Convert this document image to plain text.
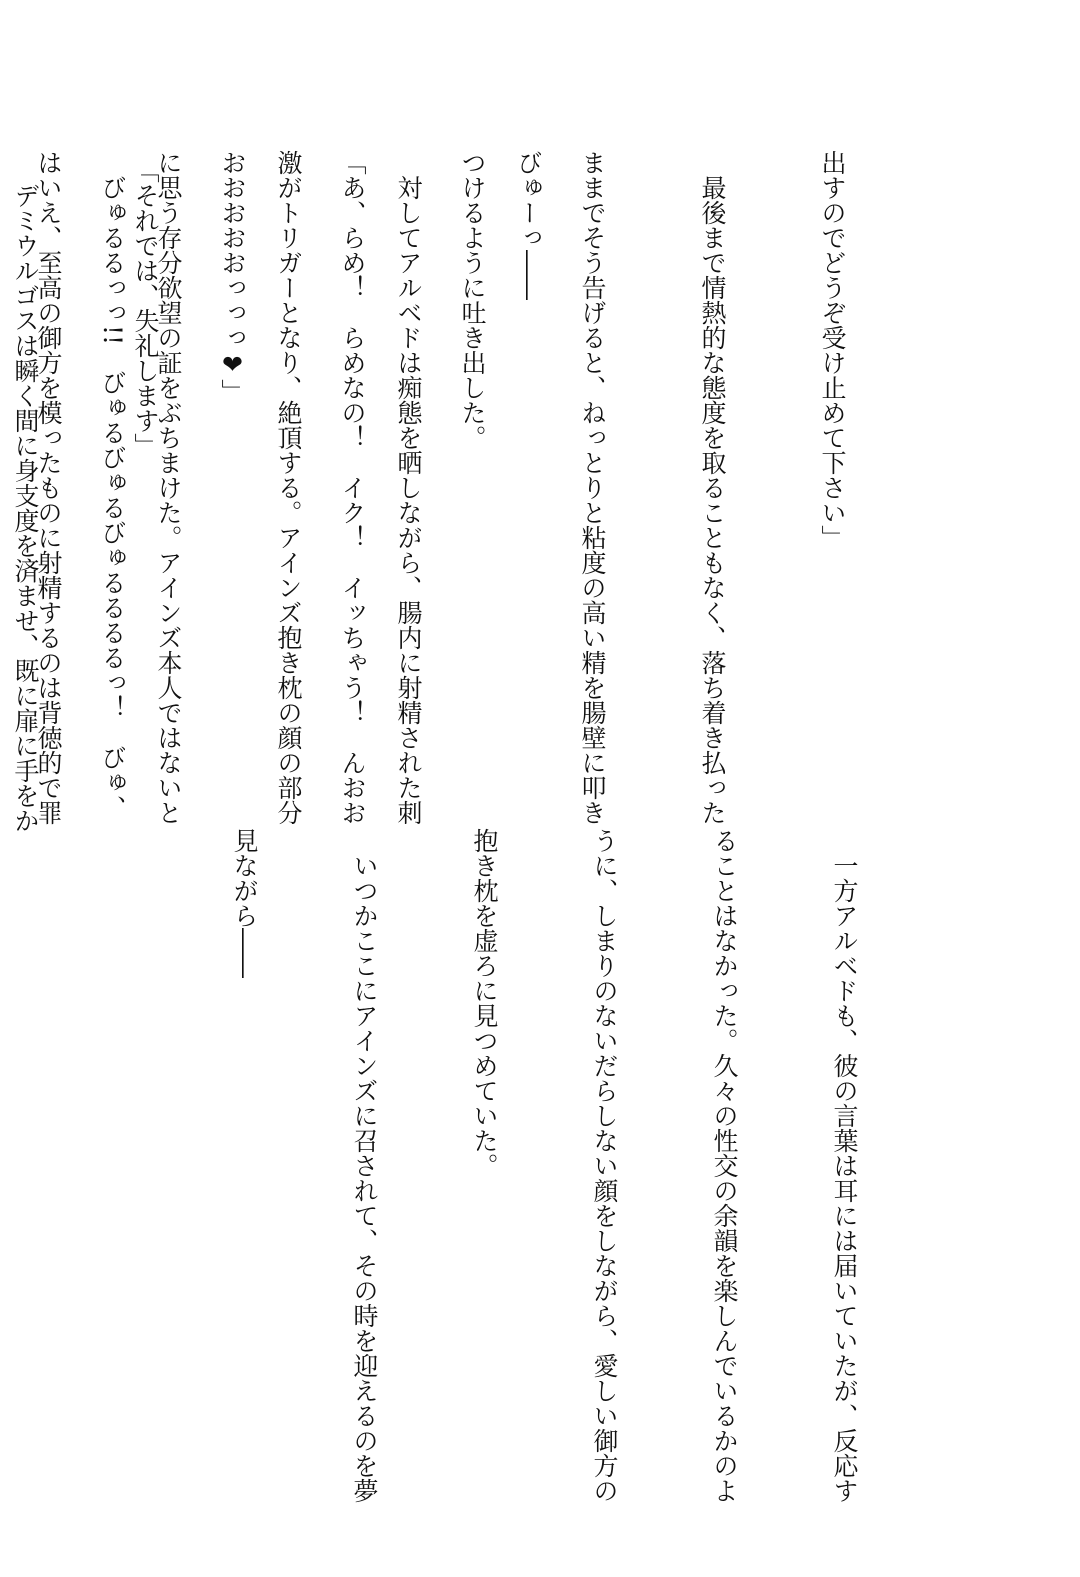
出すのでどうぞ受け止めて下さい」

　最後まで情熱的な態度を取ることもなく、落ち着き払った

ままでそう告げると、ねっとりと粘度の高い精を腸壁に叩き

つけるように吐き出した。

「あ、らめ！　らめなの！　イク！　イッちゃう！　んおお

おおおおおっっっ❤」

　びゅるるっっ!!　びゅるびゅるびゅるるるるっ！　びゅ、

	びゅーっ――

　対してアルベドは痴態を晒しながら、腸内に射精された刺

激がトリガーとなり、絶頂する。アインズ抱き枕の顔の部分

に思う存分欲望の証をぶちまけた。アインズ本人ではないと

はいえ、至高の御方を模ったものに射精するのは背徳的で罪

	「それでは、失礼します」

　デミウルゴスは瞬く間に身支度を済ませ、既に扉に手をか

　一方アルベドも、彼の言葉は耳には届いていたが、反応す

ることはなかった。久々の性交の余韻を楽しんでいるかのよ

うに、しまりのないだらしない顔をしながら、愛しい御方の

抱き枕を虚ろに見つめていた。

　いつかここにアインズに召されて、その時を迎えるのを夢

見ながら――
